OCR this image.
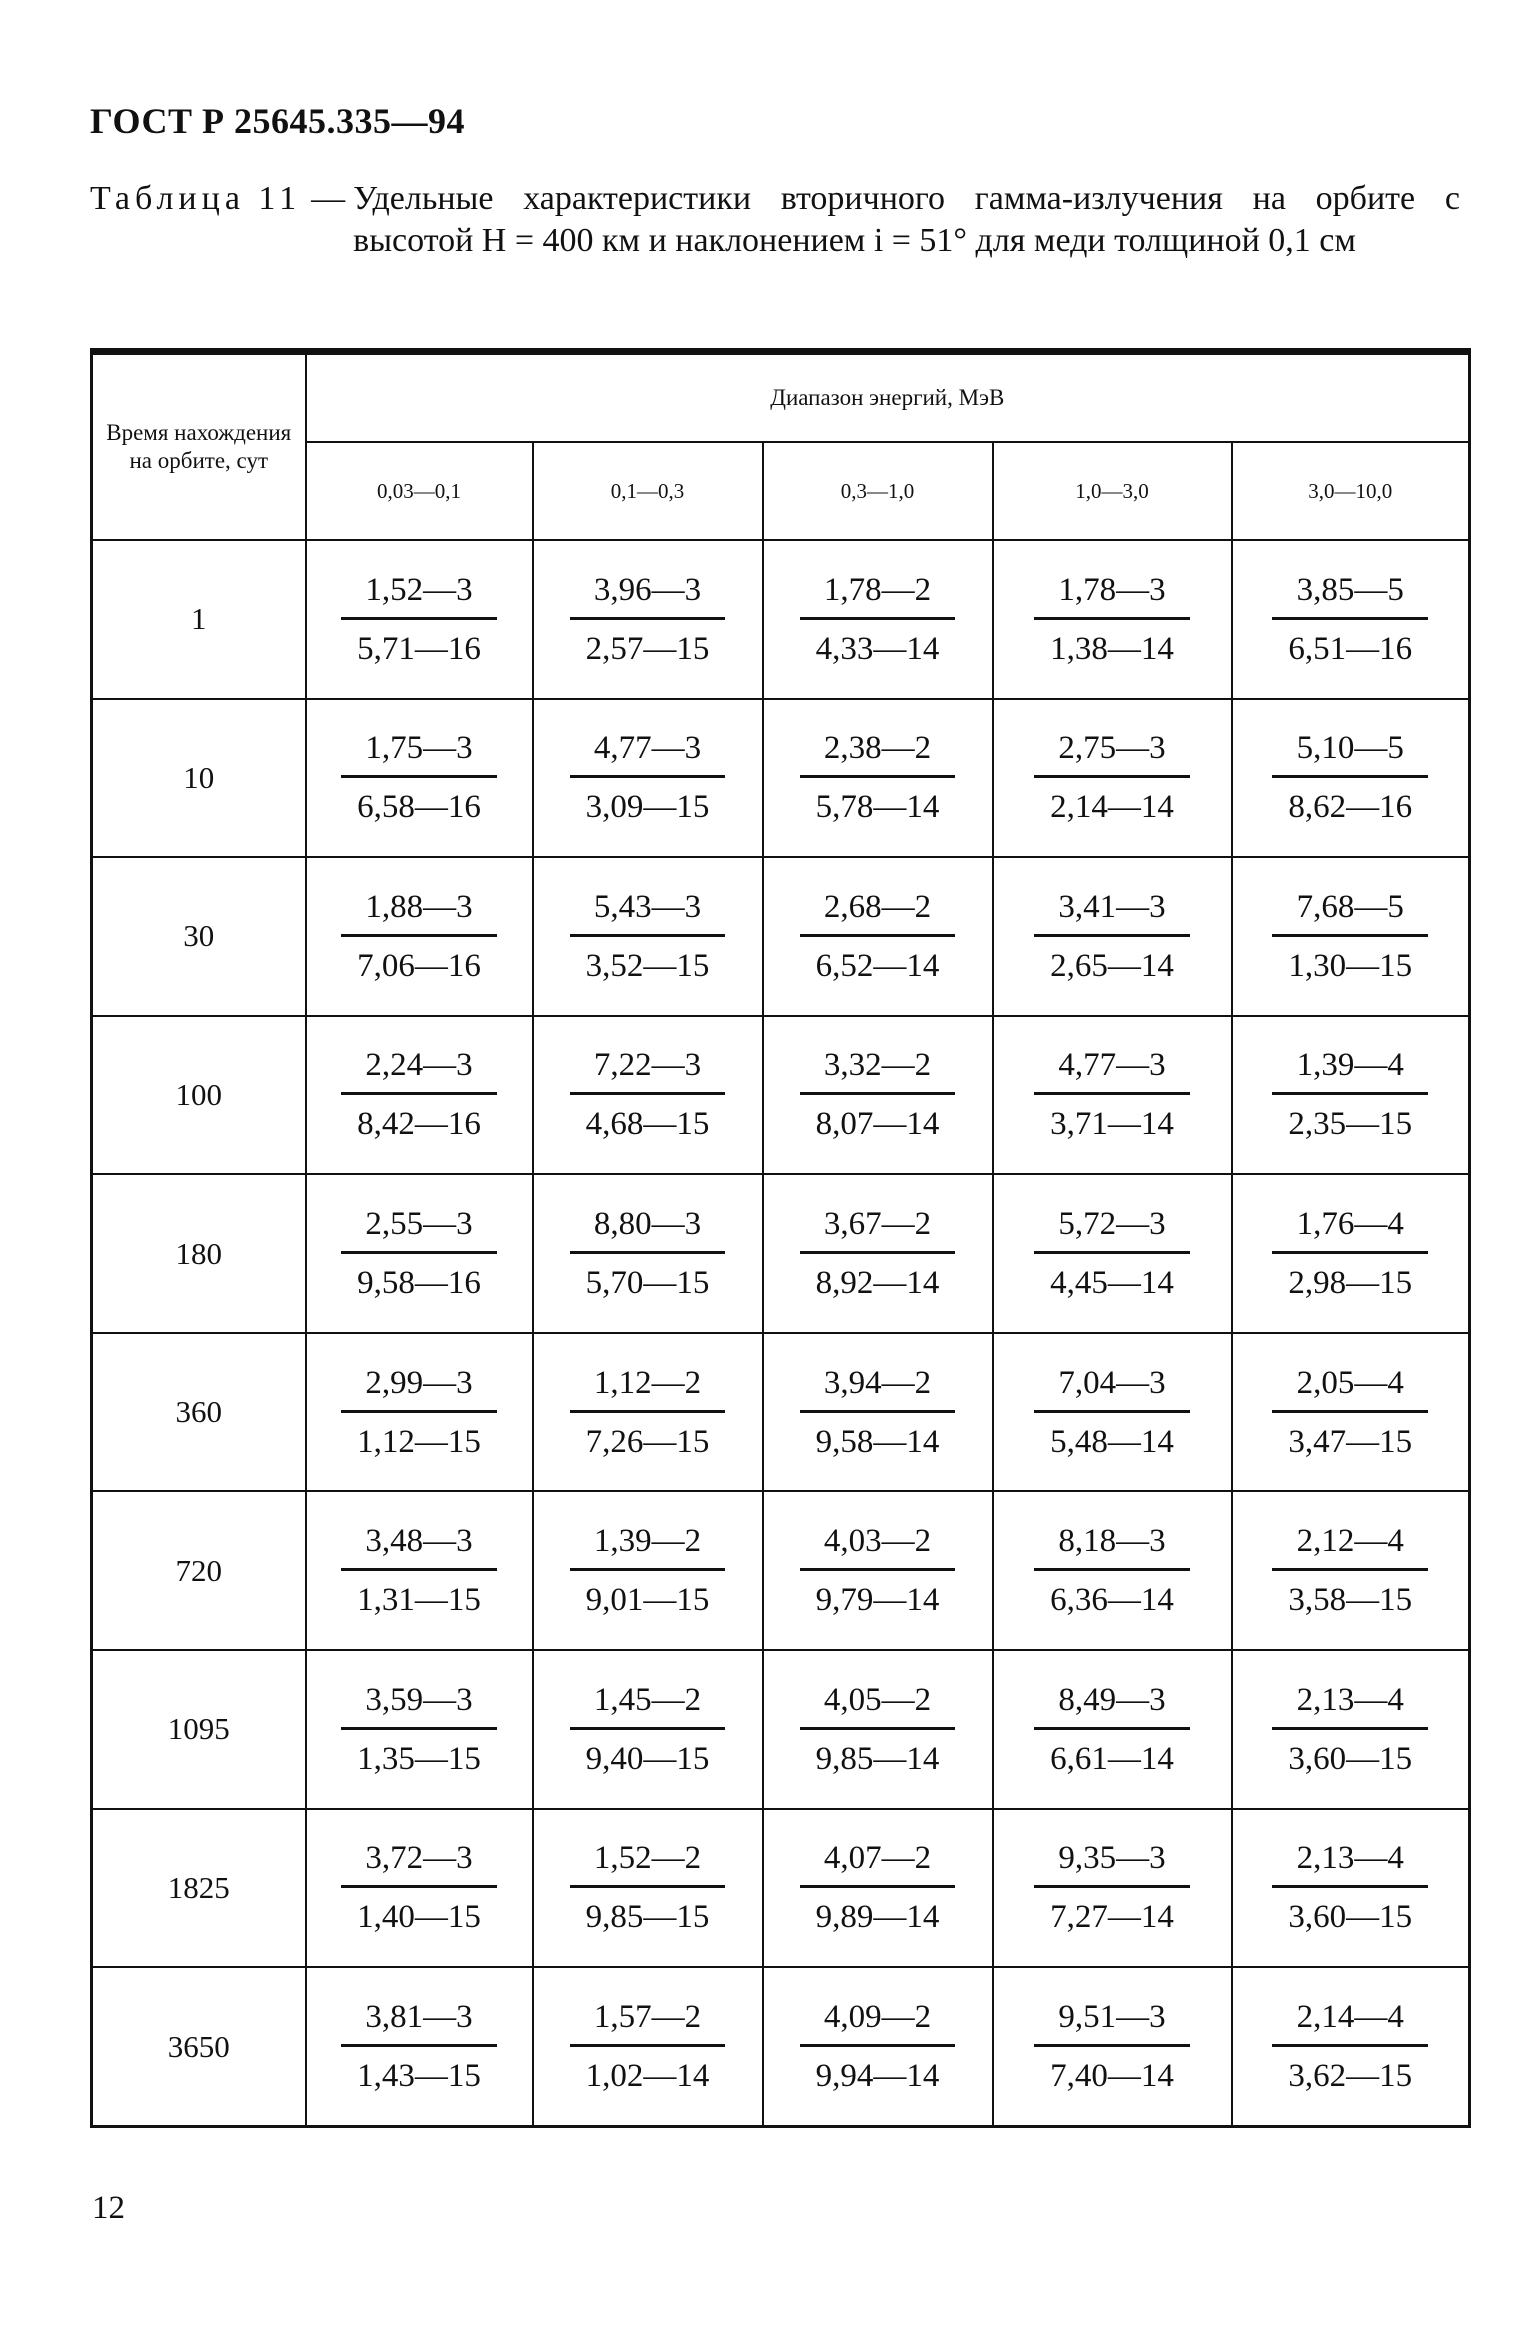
ГОСТ Р 25645.335—94
Таблица 11 — Удельные характеристики вторичного гамма-излучения на орбите с высотой H = 400 км и наклонением i = 51° для меди толщиной 0,1 см
Время нахождения на орбите, сут	Диапазон энергий, МэВ				
	0,03—0,1	0,1—0,3	0,3—1,0	1,0—3,0	3,0—10,0
1	$\frac{1,52—3}{5,71—16}$	$\frac{3,96—3}{2,57—15}$	$\frac{1,78—2}{4,33—14}$	$\frac{1,78—3}{1,38—14}$	$\frac{3,85—5}{6,51—16}$

10	$\frac{1,75—3}{6,58—16}$	$\frac{4,77—3}{3,09—15}$	$\frac{2,38—2}{5,78—14}$	$\frac{2,75—3}{2,14—14}$	$\frac{5,10—5}{8,62—16}$

30	$\frac{1,88—3}{7,06—16}$	$\frac{5,43—3}{3,52—15}$	$\frac{2,68—2}{6,52—14}$	$\frac{3,41—3}{2,65—14}$	$\frac{7,68—5}{1,30—15}$

100	$\frac{2,24—3}{8,42—16}$	$\frac{7,22—3}{4,68—15}$	$\frac{3,32—2}{8,07—14}$	$\frac{4,77—3}{3,71—14}$	$\frac{1,39—4}{2,35—15}$

180	$\frac{2,55—3}{9,58—16}$	$\frac{8,80—3}{5,70—15}$	$\frac{3,67—2}{8,92—14}$	$\frac{5,72—3}{4,45—14}$	$\frac{1,76—4}{2,98—15}$

360	$\frac{2,99—3}{1,12—15}$	$\frac{1,12—2}{7,26—15}$	$\frac{3,94—2}{9,58—14}$	$\frac{7,04—3}{5,48—14}$	$\frac{2,05—4}{3,47—15}$

720	$\frac{3,48—3}{1,31—15}$	$\frac{1,39—2}{9,01—15}$	$\frac{4,03—2}{9,79—14}$	$\frac{8,18—3}{6,36—14}$	$\frac{2,12—4}{3,58—15}$

1095	$\frac{3,59—3}{1,35—15}$	$\frac{1,45—2}{9,40—15}$	$\frac{4,05—2}{9,85—14}$	$\frac{8,49—3}{6,61—14}$	$\frac{2,13—4}{3,60—15}$

1825	$\frac{3,72—3}{1,40—15}$	$\frac{1,52—2}{9,85—15}$	$\frac{4,07—2}{9,89—14}$	$\frac{9,35—3}{7,27—14}$	$\frac{2,13—4}{3,60—15}$

3650	$\frac{3,81—3}{1,43—15}$	$\frac{1,57—2}{1,02—14}$	$\frac{4,09—2}{9,94—14}$	$\frac{9,51—3}{7,40—14}$	$\frac{2,14—4}{3,62—15}$
12
